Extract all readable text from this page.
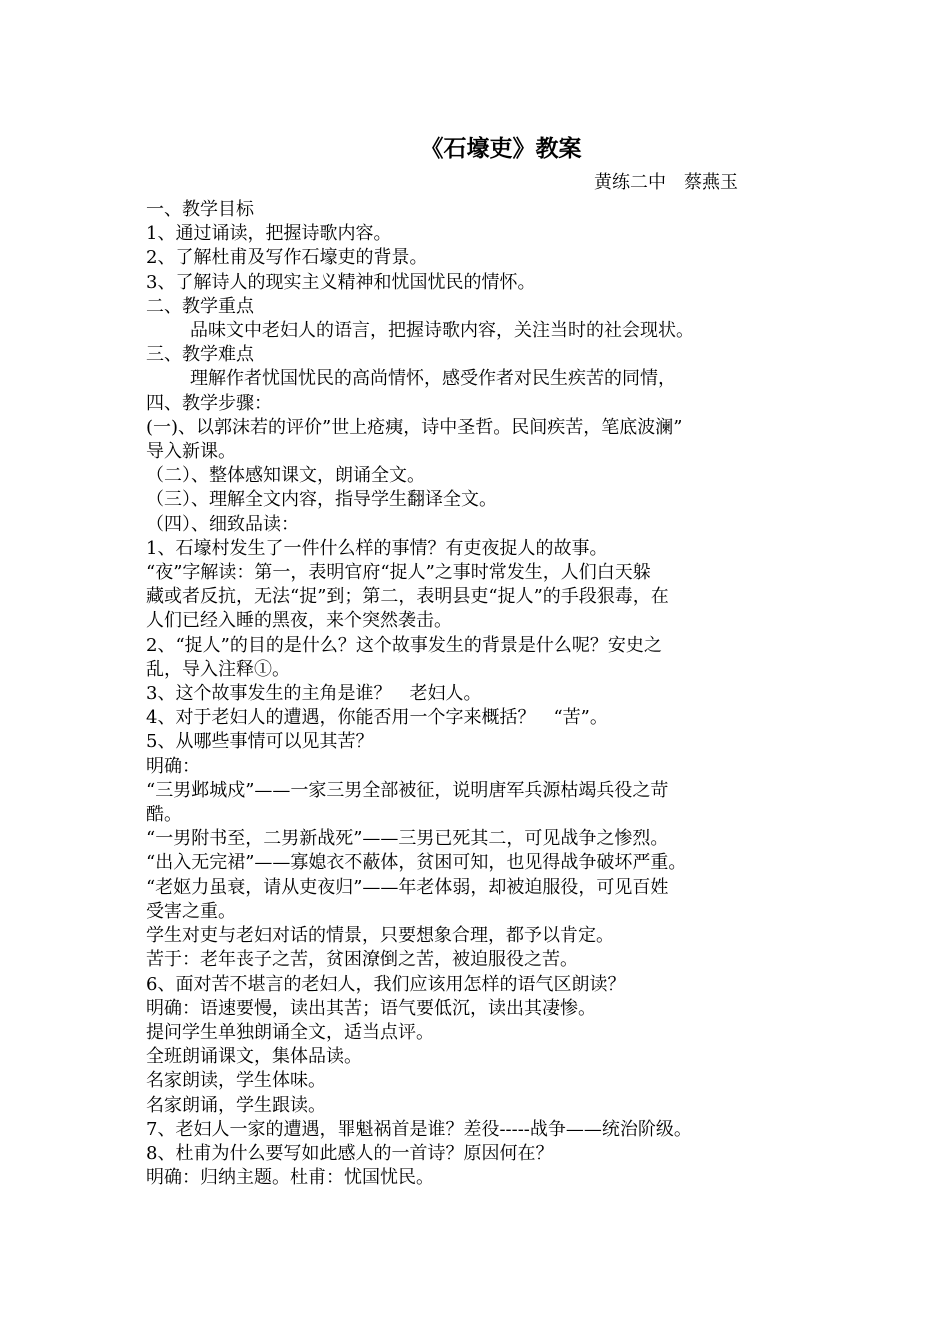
《石壕吏》教案

黄练二中　蔡燕玉

一、教学目标

1、通过诵读，把握诗歌内容。

2、了解杜甫及写作石壕吏的背景。

3、了解诗人的现实主义精神和忧国忧民的情怀。

二、教学重点

品味文中老妇人的语言，把握诗歌内容，关注当时的社会现状。

三、教学难点

理解作者忧国忧民的高尚情怀，感受作者对民生疾苦的同情，

四、教学步骤：

(一)、以郭沫若的评价”世上疮痍，诗中圣哲。民间疾苦，笔底波澜”

导入新课。

（二）、整体感知课文，朗诵全文。

（三）、理解全文内容，指导学生翻译全文。

（四）、细致品读：

1、石壕村发生了一件什么样的事情？有吏夜捉人的故事。

“夜”字解读：第一，表明官府“捉人”之事时常发生，人们白天躲

藏或者反抗，无法“捉”到；第二，表明县吏“捉人”的手段狠毒，在

人们已经入睡的黑夜，来个突然袭击。

2、“捉人”的目的是什么？这个故事发生的背景是什么呢？安史之

乱，导入注释①。

3、这个故事发生的主角是谁？　老妇人。

4、对于老妇人的遭遇，你能否用一个字来概括？　“苦”。

5、从哪些事情可以见其苦？

明确：

“三男邺城戍”——一家三男全部被征，说明唐军兵源枯竭兵役之苛

酷。

“一男附书至，二男新战死”——三男已死其二，可见战争之惨烈。

“出入无完裙”——寡媳衣不蔽体，贫困可知，也见得战争破坏严重。

“老妪力虽衰，请从吏夜归”——年老体弱，却被迫服役，可见百姓

受害之重。

学生对吏与老妇对话的情景，只要想象合理，都予以肯定。

苦于：老年丧子之苦，贫困潦倒之苦，被迫服役之苦。

6、面对苦不堪言的老妇人，我们应该用怎样的语气区朗读？

明确：语速要慢，读出其苦；语气要低沉，读出其凄惨。

提问学生单独朗诵全文，适当点评。

全班朗诵课文，集体品读。

名家朗读，学生体味。

名家朗诵，学生跟读。

7、老妇人一家的遭遇，罪魁祸首是谁？差役-----战争——统治阶级。

8、杜甫为什么要写如此感人的一首诗？原因何在？

明确：归纳主题。杜甫：忧国忧民。
